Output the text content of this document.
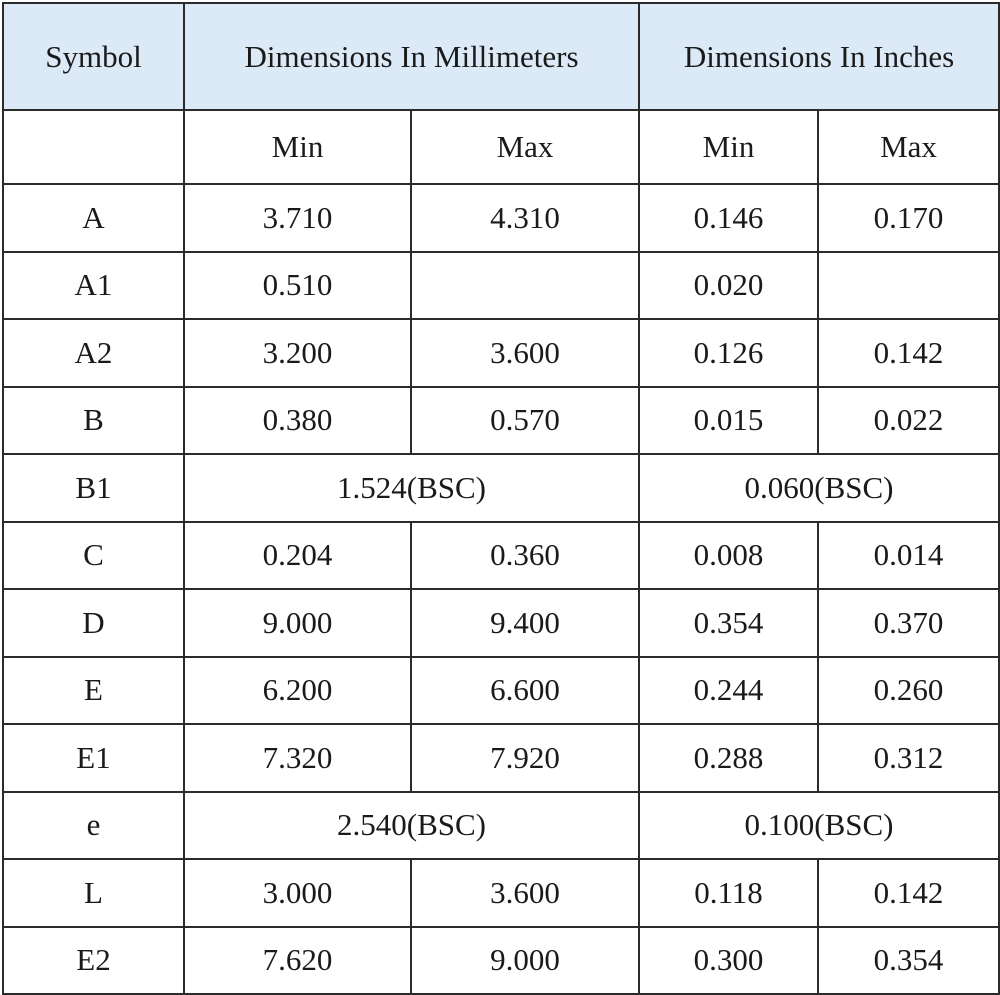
Symbol	Dimensions In Millimeters		Dimensions In Inches	
	Min	Max	Min	Max
A	3.710	4.310	0.146	0.170
A1	0.510		0.020	
A2	3.200	3.600	0.126	0.142
B	0.380	0.570	0.015	0.022
B1	1.524(BSC)		0.060(BSC)	
C	0.204	0.360	0.008	0.014
D	9.000	9.400	0.354	0.370
E	6.200	6.600	0.244	0.260
E1	7.320	7.920	0.288	0.312
e	2.540(BSC)		0.100(BSC)	
L	3.000	3.600	0.118	0.142
E2	7.620	9.000	0.300	0.354
